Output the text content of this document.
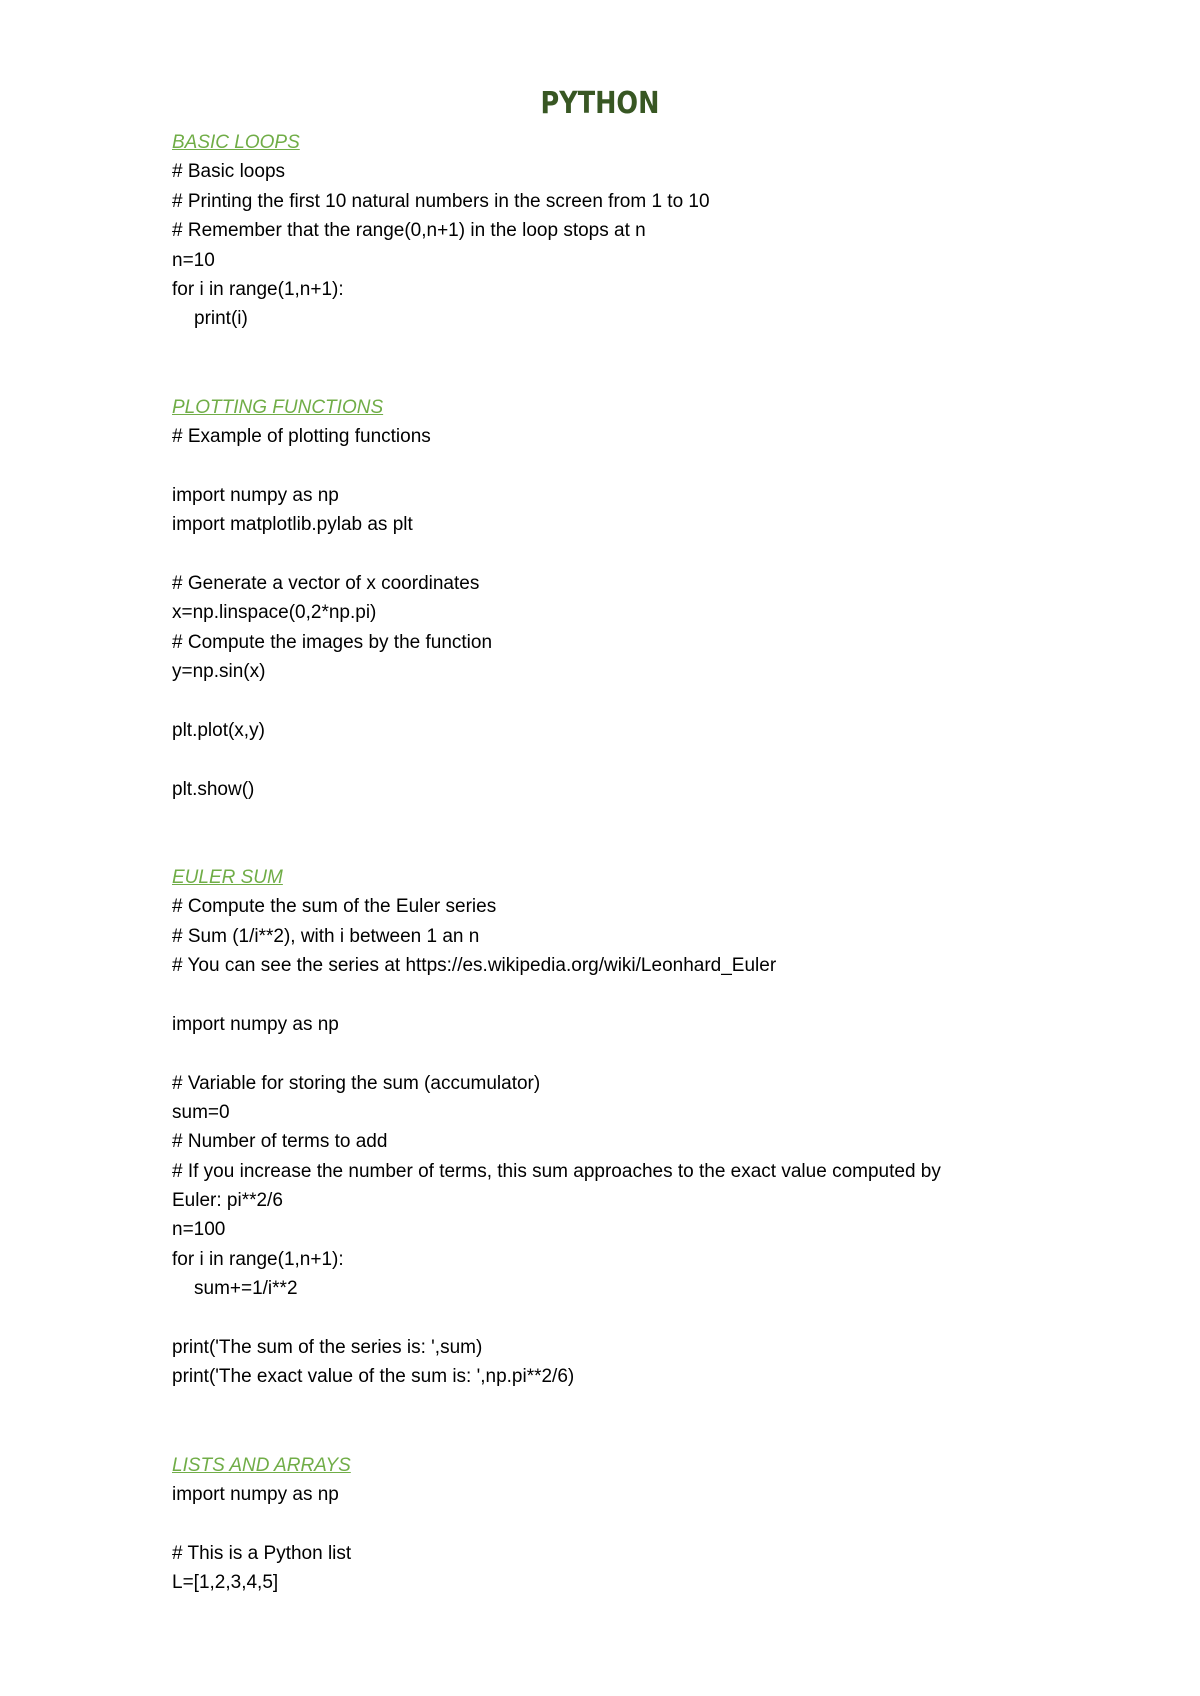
PYTHON
BASIC LOOPS
# Basic loops
# Printing the first 10 natural numbers in the screen from 1 to 10
# Remember that the range(0,n+1) in the loop stops at n
n=10
for i in range(1,n+1):
print(i)
PLOTTING FUNCTIONS
# Example of plotting functions
import numpy as np
import matplotlib.pylab as plt
# Generate a vector of x coordinates
x=np.linspace(0,2*np.pi)
# Compute the images by the function
y=np.sin(x)
plt.plot(x,y)
plt.show()
EULER SUM
# Compute the sum of the Euler series
# Sum (1/i**2), with i between 1 an n
# You can see the series at https://es.wikipedia.org/wiki/Leonhard_Euler
import numpy as np
# Variable for storing the sum (accumulator)
sum=0
# Number of terms to add
# If you increase the number of terms, this sum approaches to the exact value computed by
Euler: pi**2/6
n=100
for i in range(1,n+1):
sum+=1/i**2
print('The sum of the series is: ',sum)
print('The exact value of the sum is: ',np.pi**2/6)
LISTS AND ARRAYS
import numpy as np
# This is a Python list
L=[1,2,3,4,5]
